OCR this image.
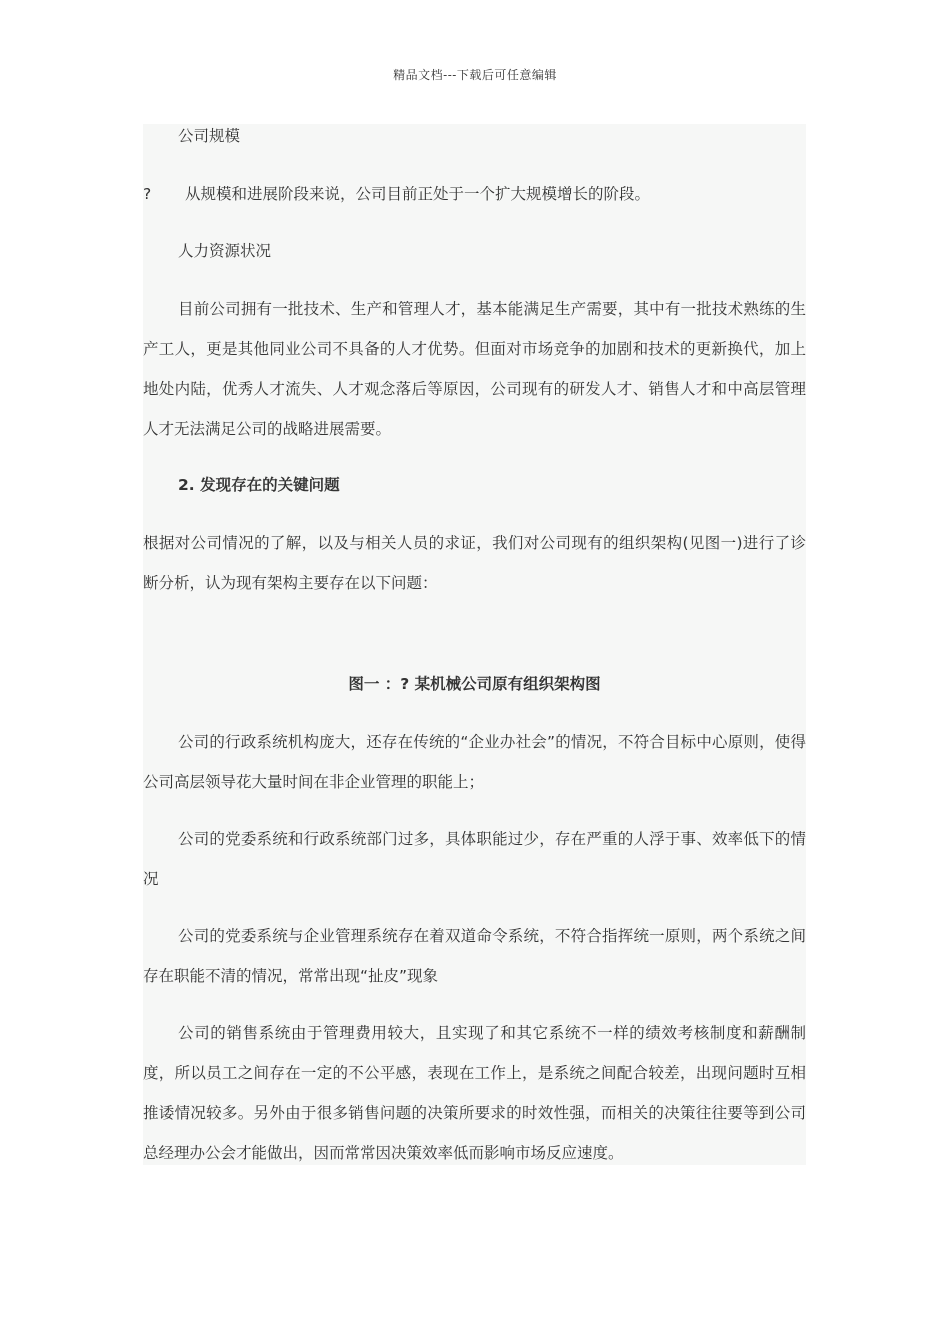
精品文档---下载后可任意编辑

公司规模

? 从规模和进展阶段来说，公司目前正处于一个扩大规模增长的阶段。

人力资源状况

目前公司拥有一批技术、生产和管理人才，基本能满足生产需要，其中有一批技术熟练的生产工人，更是其他同业公司不具备的人才优势。但面对市场竞争的加剧和技术的更新换代，加上地处内陆，优秀人才流失、人才观念落后等原因，公司现有的研发人才、销售人才和中高层管理人才无法满足公司的战略进展需要。

2. 发现存在的关键问题

根据对公司情况的了解，以及与相关人员的求证，我们对公司现有的组织架构(见图一)进行了诊断分析，认为现有架构主要存在以下问题：

图一 ：? 某机械公司原有组织架构图

公司的行政系统机构庞大，还存在传统的“企业办社会”的情况，不符合目标中心原则，使得公司高层领导花大量时间在非企业管理的职能上；

公司的党委系统和行政系统部门过多，具体职能过少，存在严重的人浮于事、效率低下的情况

公司的党委系统与企业管理系统存在着双道命令系统，不符合指挥统一原则，两个系统之间存在职能不清的情况，常常出现“扯皮”现象

公司的销售系统由于管理费用较大，且实现了和其它系统不一样的绩效考核制度和薪酬制度，所以员工之间存在一定的不公平感，表现在工作上，是系统之间配合较差，出现问题时互相推诿情况较多。另外由于很多销售问题的决策所要求的时效性强，而相关的决策往往要等到公司总经理办公会才能做出，因而常常因决策效率低而影响市场反应速度。
